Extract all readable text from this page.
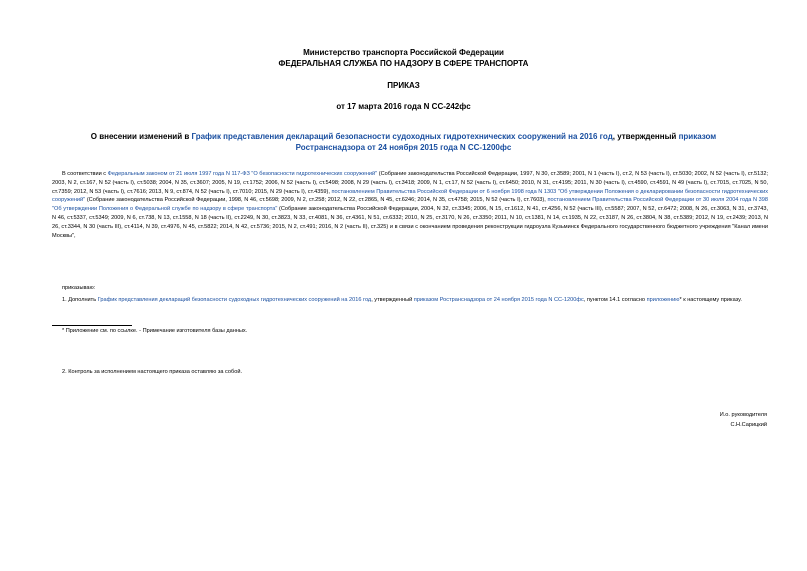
Министерство транспорта Российской Федерации
ФЕДЕРАЛЬНАЯ СЛУЖБА ПО НАДЗОРУ В СФЕРЕ ТРАНСПОРТА
ПРИКАЗ
от 17 марта 2016 года N СС-242фс
О внесении изменений в График представления деклараций безопасности судоходных гидротехнических сооружений на 2016 год, утвержденный приказом Ространснадзора от 24 ноября 2015 года N СС-1200фс
В соответствии с Федеральным законом от 21 июля 1997 года N 117-ФЗ "О безопасности гидротехнических сооружений" (Собрание законодательства Российской Федерации, 1997, N 30, ст.3589; 2001, N 1 (часть I), ст.2, N 53 (часть I), ст.5030; 2002, N 52 (часть I), ст.5132; 2003, N 2, ст.167, N 52 (часть I), ст.5038; 2004, N 35, ст.3607; 2005, N 19, ст.1752; 2006, N 52 (часть I), ст.5498; 2008, N 29 (часть I), ст.3418; 2009, N 1, ст.17, N 52 (часть I), ст.6450; 2010, N 31, ст.4195; 2011, N 30 (часть I), ст.4590, ст.4591, N 49 (часть I), ст.7015, ст.7025, N 50, ст.7359; 2012, N 53 (часть I), ст.7616; 2013, N 9, ст.874, N 52 (часть I), ст.7010; 2015, N 29 (часть I), ст.4359), постановлением Правительства Российской Федерации от 6 ноября 1998 года N 1303 "Об утверждении Положения о декларировании безопасности гидротехнических сооружений" (Собрание законодательства Российской Федерации, 1998, N 46, ст.5698; 2009, N 2, ст.258; 2012, N 22, ст.2865, N 45, ст.6246; 2014, N 35, ст.4758; 2015, N 52 (часть I), ст.7603), постановлением Правительства Российской Федерации от 30 июля 2004 года N 398 "Об утверждении Положения о Федеральной службе по надзору в сфере транспорта" (Собрание законодательства Российской Федерации, 2004, N 32, ст.3345; 2006, N 15, ст.1612, N 41, ст.4256, N 52 (часть III), ст.5587; 2007, N 52, ст.6472; 2008, N 26, ст.3063, N 31, ст.3743, N 46, ст.5337, ст.5349; 2009, N 6, ст.738, N 13, ст.1558, N 18 (часть II), ст.2249, N 30, ст.3823, N 33, ст.4081, N 36, ст.4361, N 51, ст.6332; 2010, N 25, ст.3170, N 26, ст.3350; 2011, N 10, ст.1381, N 14, ст.1935, N 22, ст.3187, N 26, ст.3804, N 38, ст.5389; 2012, N 19, ст.2439; 2013, N 26, ст.3344, N 30 (часть III), ст.4114, N 39, ст.4976, N 45, ст.5822; 2014, N 42, ст.5736; 2015, N 2, ст.491; 2016, N 2 (часть II), ст.325) и в связи с окончанием проведения реконструкции гидроузла Кузьминск Федерального государственного бюджетного учреждения "Канал имени Москвы",
приказываю:
1. Дополнить График представления деклараций безопасности судоходных гидротехнических сооружений на 2016 год, утвержденный приказом Ространснадзора от 24 ноября 2015 года N СС-1200фс, пунктом 14.1 согласно приложению* к настоящему приказу.
* Приложение см. по ссылке. - Примечание изготовителя базы данных.
2. Контроль за исполнением настоящего приказа оставляю за собой.
И.о. руководителя
С.Н.Сарицкий
